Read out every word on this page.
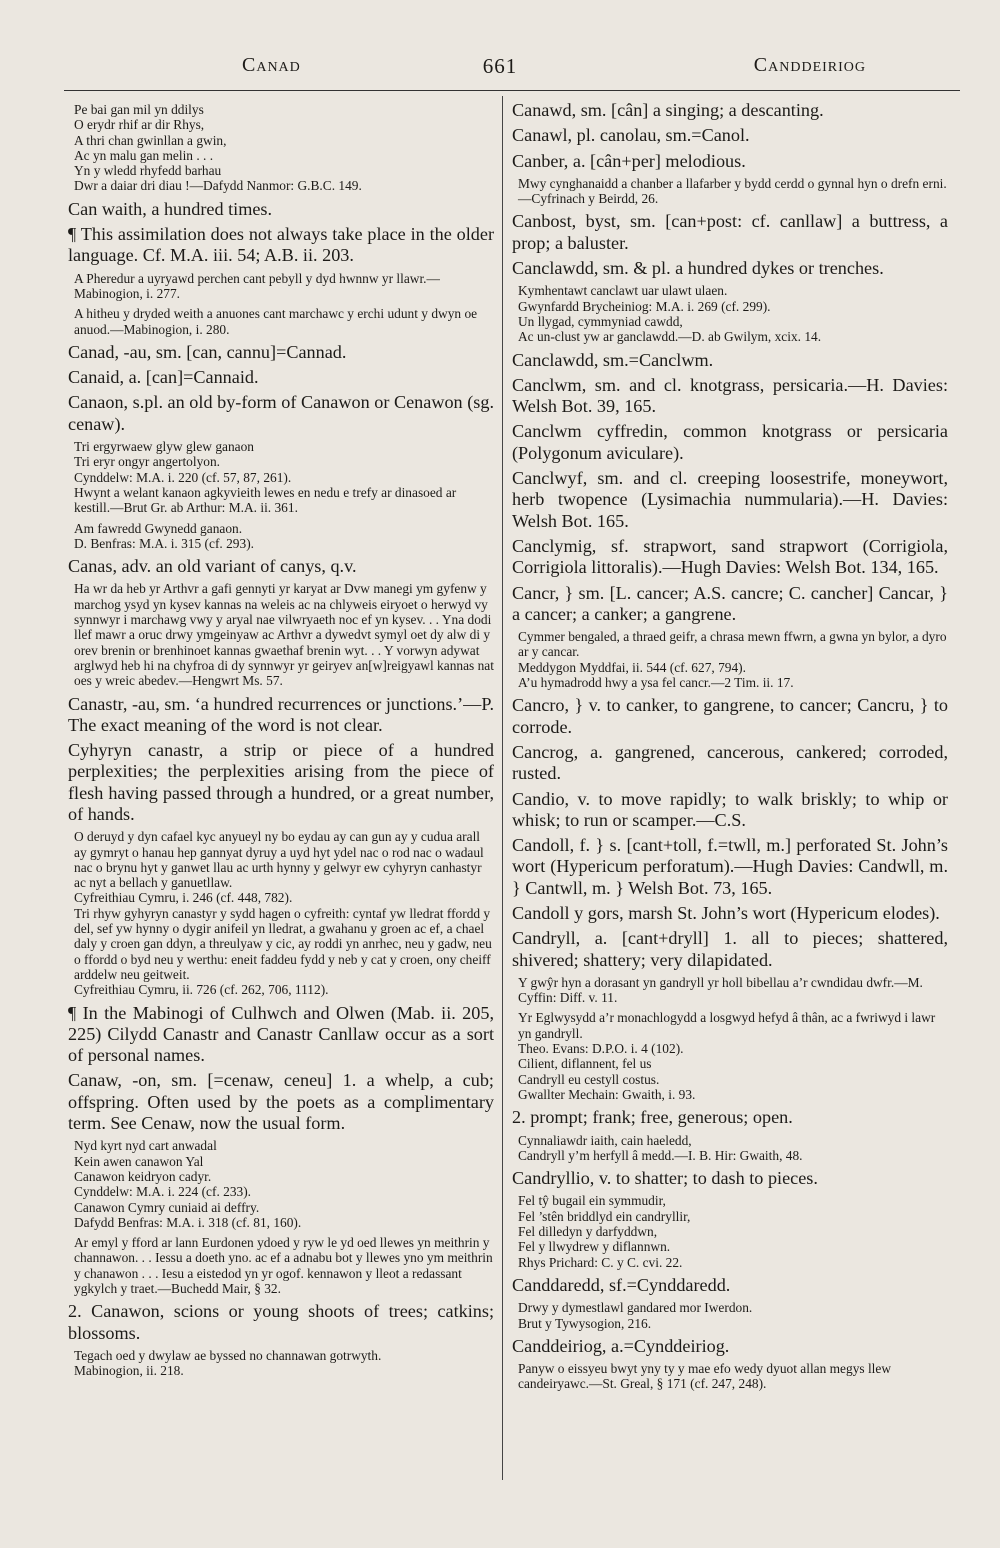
Canad	661	Canddeiriog
Pe bai gan mil yn ddilys
O erydr rhif ar dir Rhys,
A thri chan gwinllan a gwin,
Ac yn malu gan melin . . .
Yn y wledd rhyfedd barhau
Dwr a daiar dri diau !—Dafydd Nanmor: G.B.C. 149.
Can waith, a hundred times.
¶ This assimilation does not always take place in the older language. Cf. M.A. iii. 54; A.B. ii. 203.
A Pheredur a uyryawd perchen cant pebyll y dyd hwnnw yr llawr.—Mabinogion, i. 277.
A hitheu y dryded weith a anuones cant marchawc y erchi udunt y dwyn oe anuod.—Mabinogion, i. 280.
Canad, -au, sm. [can, cannu]=Cannad.
Canaid, a. [can]=Cannaid.
Canaon, s.pl. an old by-form of Canawon or Cenawon (sg. cenaw).
Tri ergyrwaew glyw glew ganaon
Tri eryr ongyr angertolyon.
Cynddelw: M.A. i. 220 (cf. 57, 87, 261).
Hwynt a welant kanaon agkyvieith lewes en nedu e trefy ar dinasoed ar kestill.—Brut Gr. ab Arthur: M.A. ii. 361.
Am fawredd Gwynedd ganaon.
D. Benfras: M.A. i. 315 (cf. 293).
Canas, adv. an old variant of canys, q.v.
Ha wr da heb yr Arthvr a gafi gennyti yr karyat ar Dvw manegi ym gyfenw y marchog ysyd yn kysev kannas na weleis ac na chlyweis eiryoet o herwyd vy synnwyr i marchawg vwy y aryal nae vilwryaeth noc ef yn kysev. . . Yna dodi llef mawr a oruc drwy ymgeinyaw ac Arthvr a dywedvt symyl oet dy alw di y orev brenin or brenhinoet kannas gwaethaf brenin wyt. . . Y vorwyn adywat arglwyd heb hi na chyfroa di dy synnwyr yr geiryev an[w]reigyawl kannas nat oes y wreic abedev.—Hengwrt Ms. 57.
Canastr, -au, sm. ‘a hundred recurrences or junctions.’—P. The exact meaning of the word is not clear.
Cyhyryn canastr, a strip or piece of a hundred perplexities; the perplexities arising from the piece of flesh having passed through a hundred, or a great number, of hands.
O deruyd y dyn cafael kyc anyueyl ny bo eydau ay can gun ay y cudua arall ay gymryt o hanau hep gannyat dyruy a uyd hyt ydel nac o rod nac o wadaul nac o brynu hyt y ganwet llau ac urth hynny y gelwyr ew cyhyryn canhastyr ac nyt a bellach y ganuetllaw.
Cyfreithiau Cymru, i. 246 (cf. 448, 782).
Tri rhyw gyhyryn canastyr y sydd hagen o cyfreith: cyntaf yw lledrat ffordd y del, sef yw hynny o dygir anifeil yn lledrat, a gwahanu y groen ac ef, a chael daly y croen gan ddyn, a threulyaw y cic, ay roddi yn anrhec, neu y gadw, neu o ffordd o byd neu y werthu: eneit faddeu fydd y neb y cat y croen, ony cheiff arddelw neu geitweit.
Cyfreithiau Cymru, ii. 726 (cf. 262, 706, 1112).
¶ In the Mabinogi of Culhwch and Olwen (Mab. ii. 205, 225) Cilydd Canastr and Canastr Canllaw occur as a sort of personal names.
Canaw, -on, sm. [=cenaw, ceneu] 1. a whelp, a cub; offspring. Often used by the poets as a complimentary term. See Cenaw, now the usual form.
Nyd kyrt nyd cart anwadal
Kein awen canawon Yal
Canawon keidryon cadyr.
Cynddelw: M.A. i. 224 (cf. 233).
Canawon Cymry cuniaid ai deffry.
Dafydd Benfras: M.A. i. 318 (cf. 81, 160).
Ar emyl y fford ar lann Eurdonen ydoed y ryw le yd oed llewes yn meithrin y channawon. . . Iessu a doeth yno. ac ef a adnabu bot y llewes yno ym meithrin y chanawon . . . Iesu a eistedod yn yr ogof. kennawon y lleot a redassant ygkylch y traet.—Buchedd Mair, § 32.
2. Canawon, scions or young shoots of trees; catkins; blossoms.
Tegach oed y dwylaw ae byssed no channawan gotrwyth.
Mabinogion, ii. 218.
Canawd, sm. [cân] a singing; a descanting.
Canawl, pl. canolau, sm.=Canol.
Canber, a. [cân+per] melodious.
Mwy cynghanaidd a chanber a llafarber y bydd cerdd o gynnal hyn o drefn erni.—Cyfrinach y Beirdd, 26.
Canbost, byst, sm. [can+post: cf. canllaw] a buttress, a prop; a baluster.
Canclawdd, sm. & pl. a hundred dykes or trenches.
Kymhentawt canclawt uar ulawt ulaen.
Gwynfardd Brycheiniog: M.A. i. 269 (cf. 299).
Un llygad, cymmyniad cawdd,
Ac un-clust yw ar ganclawdd.—D. ab Gwilym, xcix. 14.
Canclawdd, sm.=Canclwm.
Canclwm, sm. and cl. knotgrass, persicaria.—H. Davies: Welsh Bot. 39, 165.
Canclwm cyffredin, common knotgrass or persicaria (Polygonum aviculare).
Canclwyf, sm. and cl. creeping loosestrife, moneywort, herb twopence (Lysimachia nummularia).—H. Davies: Welsh Bot. 165.
Canclymig, sf. strapwort, sand strapwort (Corrigiola, Corrigiola littoralis).—Hugh Davies: Welsh Bot. 134, 165.
Cancr, } sm. [L. cancer; A.S. cancre; C. cancher] Cancar, } a cancer; a canker; a gangrene.
Cymmer bengaled, a thraed geifr, a chrasa mewn ffwrn, a gwna yn bylor, a dyro ar y cancar.
Meddygon Myddfai, ii. 544 (cf. 627, 794).
A’u hymadrodd hwy a ysa fel cancr.—2 Tim. ii. 17.
Cancro, } v. to canker, to gangrene, to cancer; Cancru, } to corrode.
Cancrog, a. gangrened, cancerous, cankered; corroded, rusted.
Candio, v. to move rapidly; to walk briskly; to whip or whisk; to run or scamper.—C.S.
Candoll, f. } s. [cant+toll, f.=twll, m.] perforated St. John’s wort (Hypericum perforatum).—Hugh Davies: Candwll, m. } Cantwll, m. } Welsh Bot. 73, 165.
Candoll y gors, marsh St. John’s wort (Hypericum elodes).
Candryll, a. [cant+dryll] 1. all to pieces; shattered, shivered; shattery; very dilapidated.
Y gwŷr hyn a dorasant yn gandryll yr holl bibellau a’r cwndidau dwfr.—M. Cyffin: Diff. v. 11.
Yr Eglwysydd a’r monachlogydd a losgwyd hefyd â thân, ac a fwriwyd i lawr yn gandryll.
Theo. Evans: D.P.O. i. 4 (102).
Cilient, diflannent, fel us
Candryll eu cestyll costus.
Gwallter Mechain: Gwaith, i. 93.
2. prompt; frank; free, generous; open.
Cynnaliawdr iaith, cain haeledd,
Candryll y’m herfyll â medd.—I. B. Hir: Gwaith, 48.
Candryllio, v. to shatter; to dash to pieces.
Fel tŷ bugail ein symmudir,
Fel ’stên briddlyd ein candryllir,
Fel dilledyn y darfyddwn,
Fel y llwydrew y diflannwn.
Rhys Prichard: C. y C. cvi. 22.
Canddaredd, sf.=Cynddaredd.
Drwy y dymestlawl gandared mor Iwerdon.
Brut y Tywysogion, 216.
Canddeiriog, a.=Cynddeiriog.
Panyw o eissyeu bwyt yny ty y mae efo wedy dyuot allan megys llew candeiryawc.—St. Greal, § 171 (cf. 247, 248).
